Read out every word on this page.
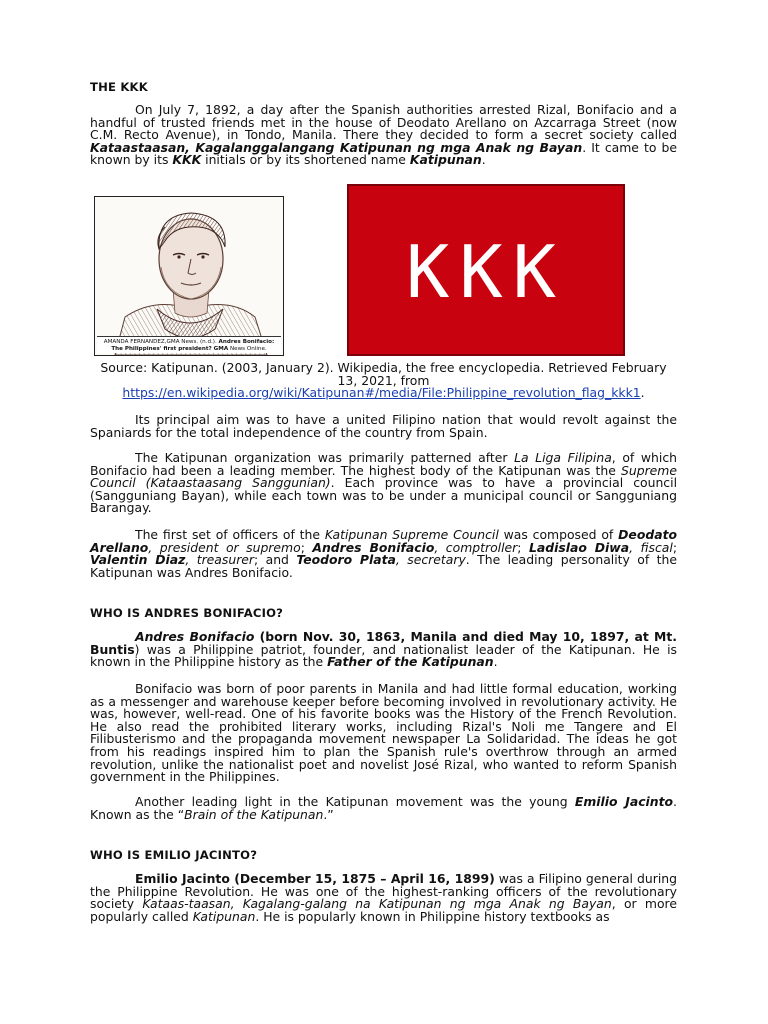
THE KKK
On July 7, 1892, a day after the Spanish authorities arrested Rizal, Bonifacio and a handful of trusted friends met in the house of Deodato Arellano on Azcarraga Street (now C.M. Recto Avenue), in Tondo, Manila. There they decided to form a secret society called Kataastaasan, Kagalanggalangang Katipunan ng mga Anak ng Bayan. It came to be known by its KKK initials or by its shortened name Katipunan.
AMANDA FERNANDEZ,GMA News. (n.d.). Andres Bonifacio: The Philippines' first president? GMA News Online.
KKK
Source: Katipunan. (2003, January 2). Wikipedia, the free encyclopedia. Retrieved February 13, 2021, from
https://en.wikipedia.org/wiki/Katipunan#/media/File:Philippine_revolution_flag_kkk1.
Its principal aim was to have a united Filipino nation that would revolt against the Spaniards for the total independence of the country from Spain.
The Katipunan organization was primarily patterned after La Liga Filipina, of which Bonifacio had been a leading member. The highest body of the Katipunan was the Supreme Council (Kataastaasang Sanggunian). Each province was to have a provincial council (Sangguniang Bayan), while each town was to be under a municipal council or Sangguniang Barangay.
The first set of officers of the Katipunan Supreme Council was composed of Deodato Arellano, president or supremo; Andres Bonifacio, comptroller; Ladislao Diwa, fiscal; Valentin Diaz, treasurer; and Teodoro Plata, secretary. The leading personality of the Katipunan was Andres Bonifacio.
WHO IS ANDRES BONIFACIO?
Andres Bonifacio (born Nov. 30, 1863, Manila and died May 10, 1897, at Mt. Buntis) was a Philippine patriot, founder, and nationalist leader of the Katipunan. He is known in the Philippine history as the Father of the Katipunan.
Bonifacio was born of poor parents in Manila and had little formal education, working as a messenger and warehouse keeper before becoming involved in revolutionary activity. He was, however, well-read. One of his favorite books was the History of the French Revolution. He also read the prohibited literary works, including Rizal's Noli me Tangere and El Filibusterismo and the propaganda movement newspaper La Solidaridad. The ideas he got from his readings inspired him to plan the Spanish rule's overthrow through an armed revolution, unlike the nationalist poet and novelist José Rizal, who wanted to reform Spanish government in the Philippines.
Another leading light in the Katipunan movement was the young Emilio Jacinto. Known as the “Brain of the Katipunan.”
WHO IS EMILIO JACINTO?
Emilio Jacinto (December 15, 1875 – April 16, 1899) was a Filipino general during the Philippine Revolution. He was one of the highest-ranking officers of the revolutionary society Kataas-taasan, Kagalang-galang na Katipunan ng mga Anak ng Bayan, or more popularly called Katipunan. He is popularly known in Philippine history textbooks as
